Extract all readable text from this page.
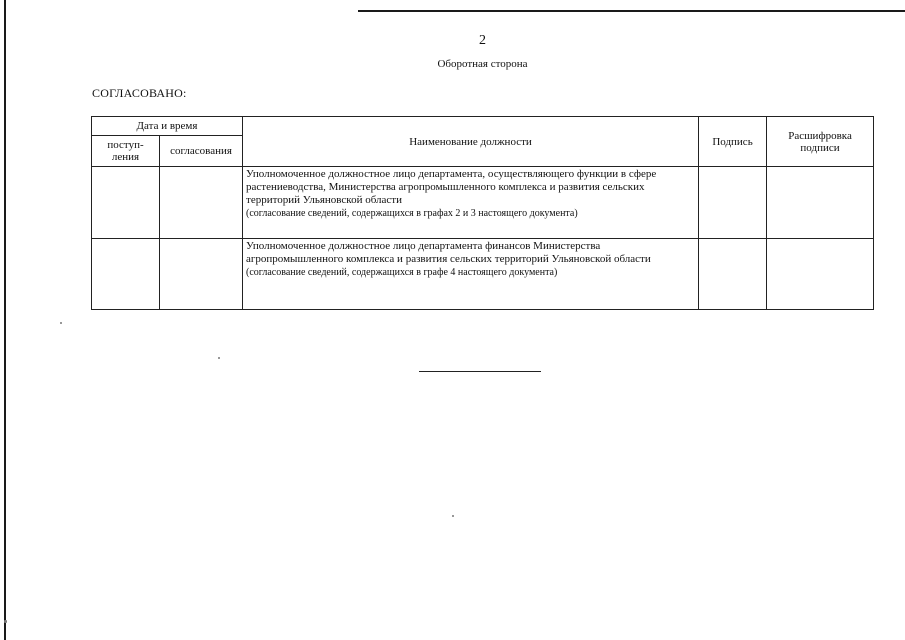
2
Оборотная сторона
СОГЛАСОВАНО:
Дата и время		Наименование должности	Подпись	Расшифровка подписи
поступ-
ления	согласования			

		Уполномоченное должностное лицо департамента, осуществляющего функции в сфере растениеводства, Министерства агропромышленного комплекса и развития сельских территорий Ульяновской области
(согласование сведений, содержащихся в графах 2 и 3 настоящего документа)		

		Уполномоченное должностное лицо департамента финансов Министерства агропромышленного комплекса и развития сельских территорий Ульяновской области
(согласование сведений, содержащихся в графе 4 настоящего документа)		
